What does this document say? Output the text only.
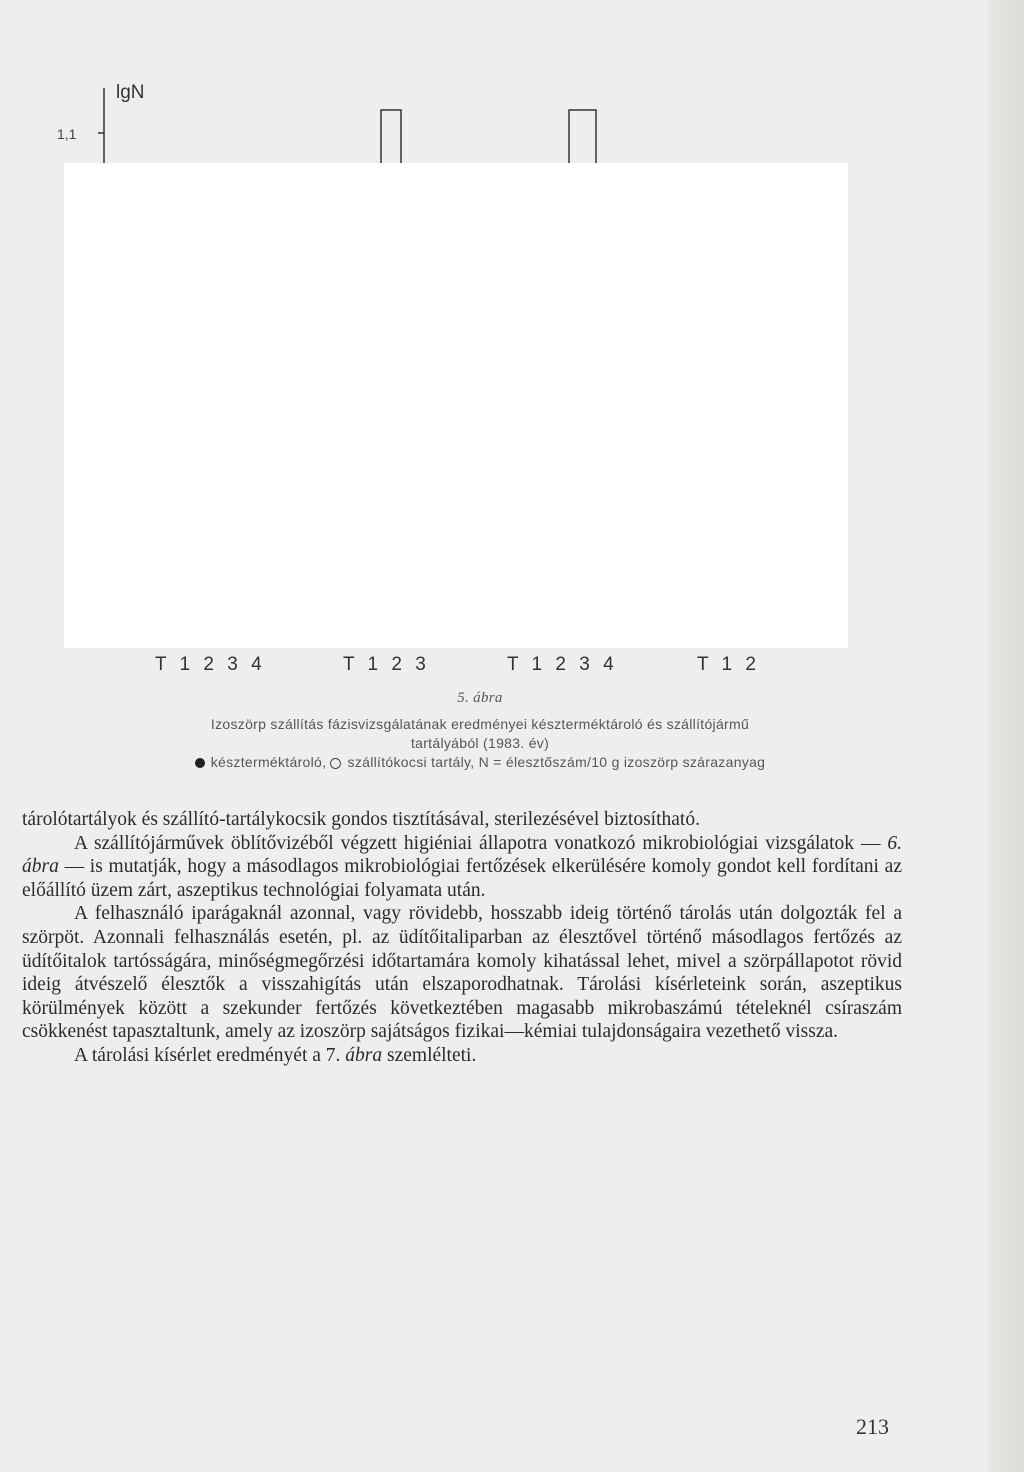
lgN
1,1
T 1 2 3 4	T 1 2 3	T 1 2 3 4	T 1 2
5. ábra
Izoszörp szállítás fázisvizsgálatának eredményei készterméktároló és szállítójármű
tartályából (1983. év)
készterméktároló, szállítókocsi tartály, N = élesztőszám/10 g izoszörp szárazanyag

tárolótartályok és szállító-tartálykocsik gondos tisztításával, sterilezésével biztosítható.

A szállítójárművek öblítővizéből végzett higiéniai állapotra vonatkozó mikrobiológiai vizsgálatok — 6. ábra — is mutatják, hogy a másodlagos mikrobiológiai fertőzések elkerülésére komoly gondot kell fordítani az előállító üzem zárt, aszeptikus technológiai folyamata után.

A felhasználó iparágaknál azonnal, vagy rövidebb, hosszabb ideig történő tárolás után dolgozták fel a szörpöt. Azonnali felhasználás esetén, pl. az üdítőitaliparban az élesztővel történő másodlagos fertőzés az üdítőitalok tartósságára, minőségmegőrzési időtartamára komoly kihatással lehet, mivel a szörpállapotot rövid ideig átvészelő élesztők a visszahigítás után elszaporodhatnak. Tárolási kísérleteink során, aszeptikus körülmények között a szekunder fertőzés következtében magasabb mikrobaszámú tételeknél csíraszám csökkenést tapasztaltunk, amely az izoszörp sajátságos fizikai—kémiai tulajdonságaira vezethető vissza.

A tárolási kísérlet eredményét a 7. ábra szemlélteti.

213
